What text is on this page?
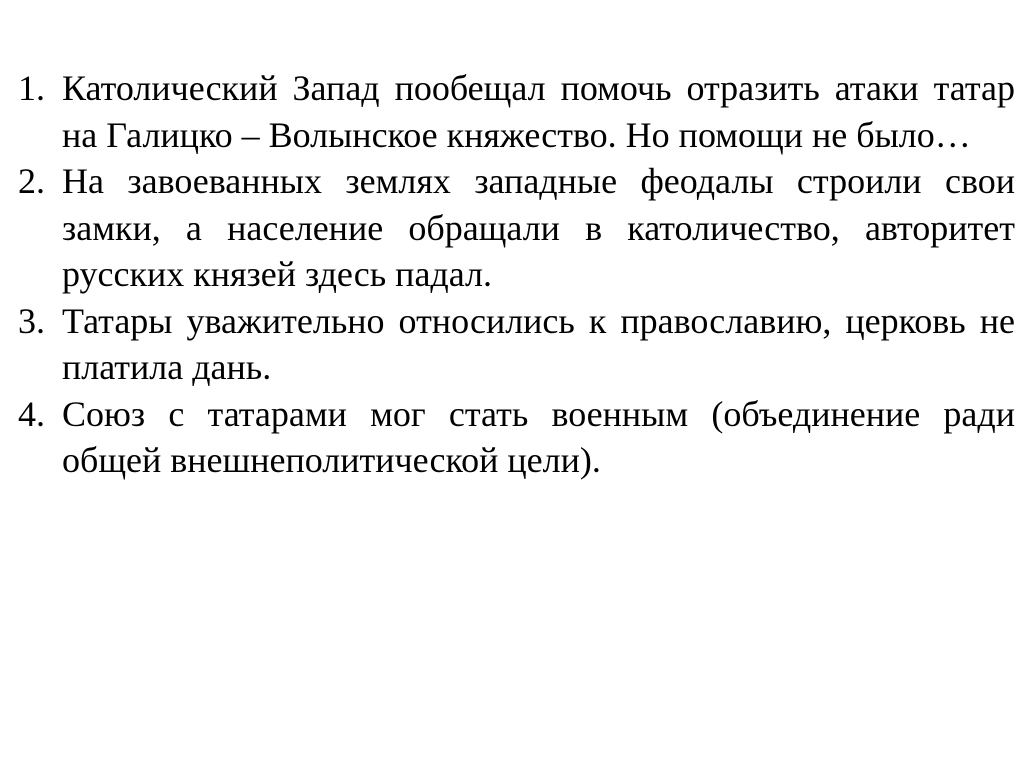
1. Католический Запад пообещал помочь отразить атаки татар на Галицко – Волынское княжество. Но помощи не было…
2. На завоеванных землях западные феодалы строили свои замки, а население обращали в католичество, авторитет русских князей здесь падал.
3. Татары уважительно относились к православию, церковь не платила дань.
4. Союз с татарами мог стать военным (объединение ради общей внешнеполитической цели).
